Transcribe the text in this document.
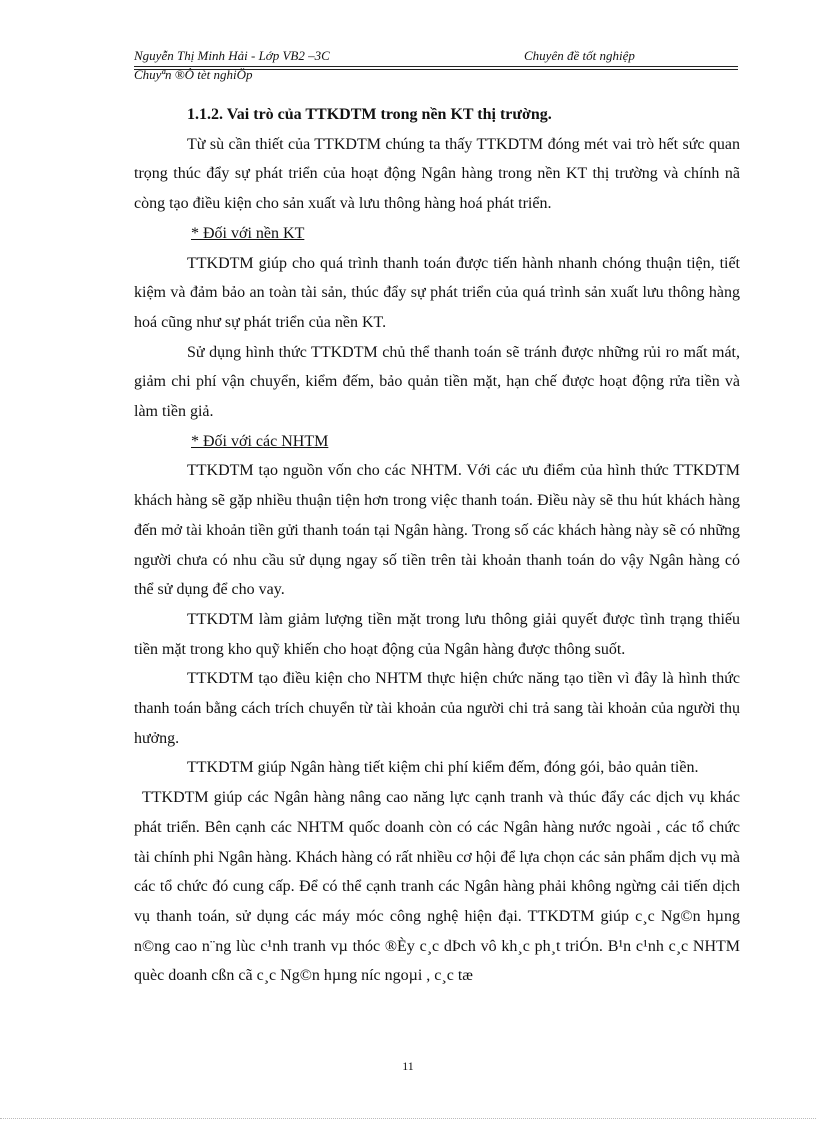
Nguyễn Thị Minh Hải - Lớp VB2 –3C	Chuyên đề tốt nghiệp
Chuyªn ®Ò tèt nghiÖp

1.1.2. Vai trò của TTKDTM trong nền KT thị trường.

Từ sù cần thiết của TTKDTM chúng ta thấy TTKDTM đóng mét vai trò hết sức quan trọng thúc đẩy sự phát triển của hoạt động Ngân hàng trong nền KT thị trường và chính nã còng tạo điều kiện cho sản xuất và lưu thông hàng hoá phát triển.

* Đối với nền KT

TTKDTM giúp cho quá trình thanh toán được tiến hành nhanh chóng thuận tiện, tiết kiệm và đảm bảo an toàn tài sản, thúc đẩy sự phát triển của quá trình sản xuất lưu thông hàng hoá cũng như sự phát triển của nền KT.

Sử dụng hình thức TTKDTM chủ thể thanh toán sẽ tránh được những rủi ro mất mát, giảm chi phí vận chuyển, kiểm đếm, bảo quản tiền mặt, hạn chế được hoạt động rửa tiền và làm tiền giả.

* Đối với các NHTM

TTKDTM tạo nguồn vốn cho các NHTM. Với các ưu điểm của hình thức TTKDTM khách hàng sẽ gặp nhiều thuận tiện hơn trong việc thanh toán. Điều này sẽ thu hút khách hàng đến mở tài khoản tiền gửi thanh toán tại Ngân hàng. Trong số các khách hàng này sẽ có những người chưa có nhu cầu sử dụng ngay số tiền trên tài khoản thanh toán do vậy Ngân hàng có thể sử dụng để cho vay.

TTKDTM làm giảm lượng tiền mặt trong lưu thông giải quyết được tình trạng thiếu tiền mặt trong kho quỹ khiến cho hoạt động của Ngân hàng được thông suốt.

TTKDTM tạo điều kiện cho NHTM thực hiện chức năng tạo tiền vì đây là hình thức thanh toán bằng cách trích chuyển từ tài khoản của người chi trả sang tài khoản của người thụ hưởng.

TTKDTM giúp Ngân hàng tiết kiệm chi phí kiểm đếm, đóng gói, bảo quản tiền.

TTKDTM giúp các Ngân hàng nâng cao năng lực cạnh tranh và thúc đẩy các dịch vụ khác phát triển. Bên cạnh các NHTM quốc doanh còn có các Ngân hàng nước ngoài , các tổ chức tài chính phi Ngân hàng. Khách hàng có rất nhiều cơ hội để lựa chọn các sản phẩm dịch vụ mà các tổ chức đó cung cấp. Để có thể cạnh tranh các Ngân hàng phải không ngừng cải tiến dịch vụ thanh toán, sử dụng các máy móc công nghệ hiện đại. TTKDTM giúp c¸c Ng©n hµng n©ng cao n¨ng lùc c¹nh tranh vµ thóc ®Èy c¸c dÞch vô kh¸c ph¸t triÓn. B¹n c¹nh c¸c NHTM quèc doanh cßn cã c¸c Ng©n hµng níc ngoµi , c¸c tæ

11
